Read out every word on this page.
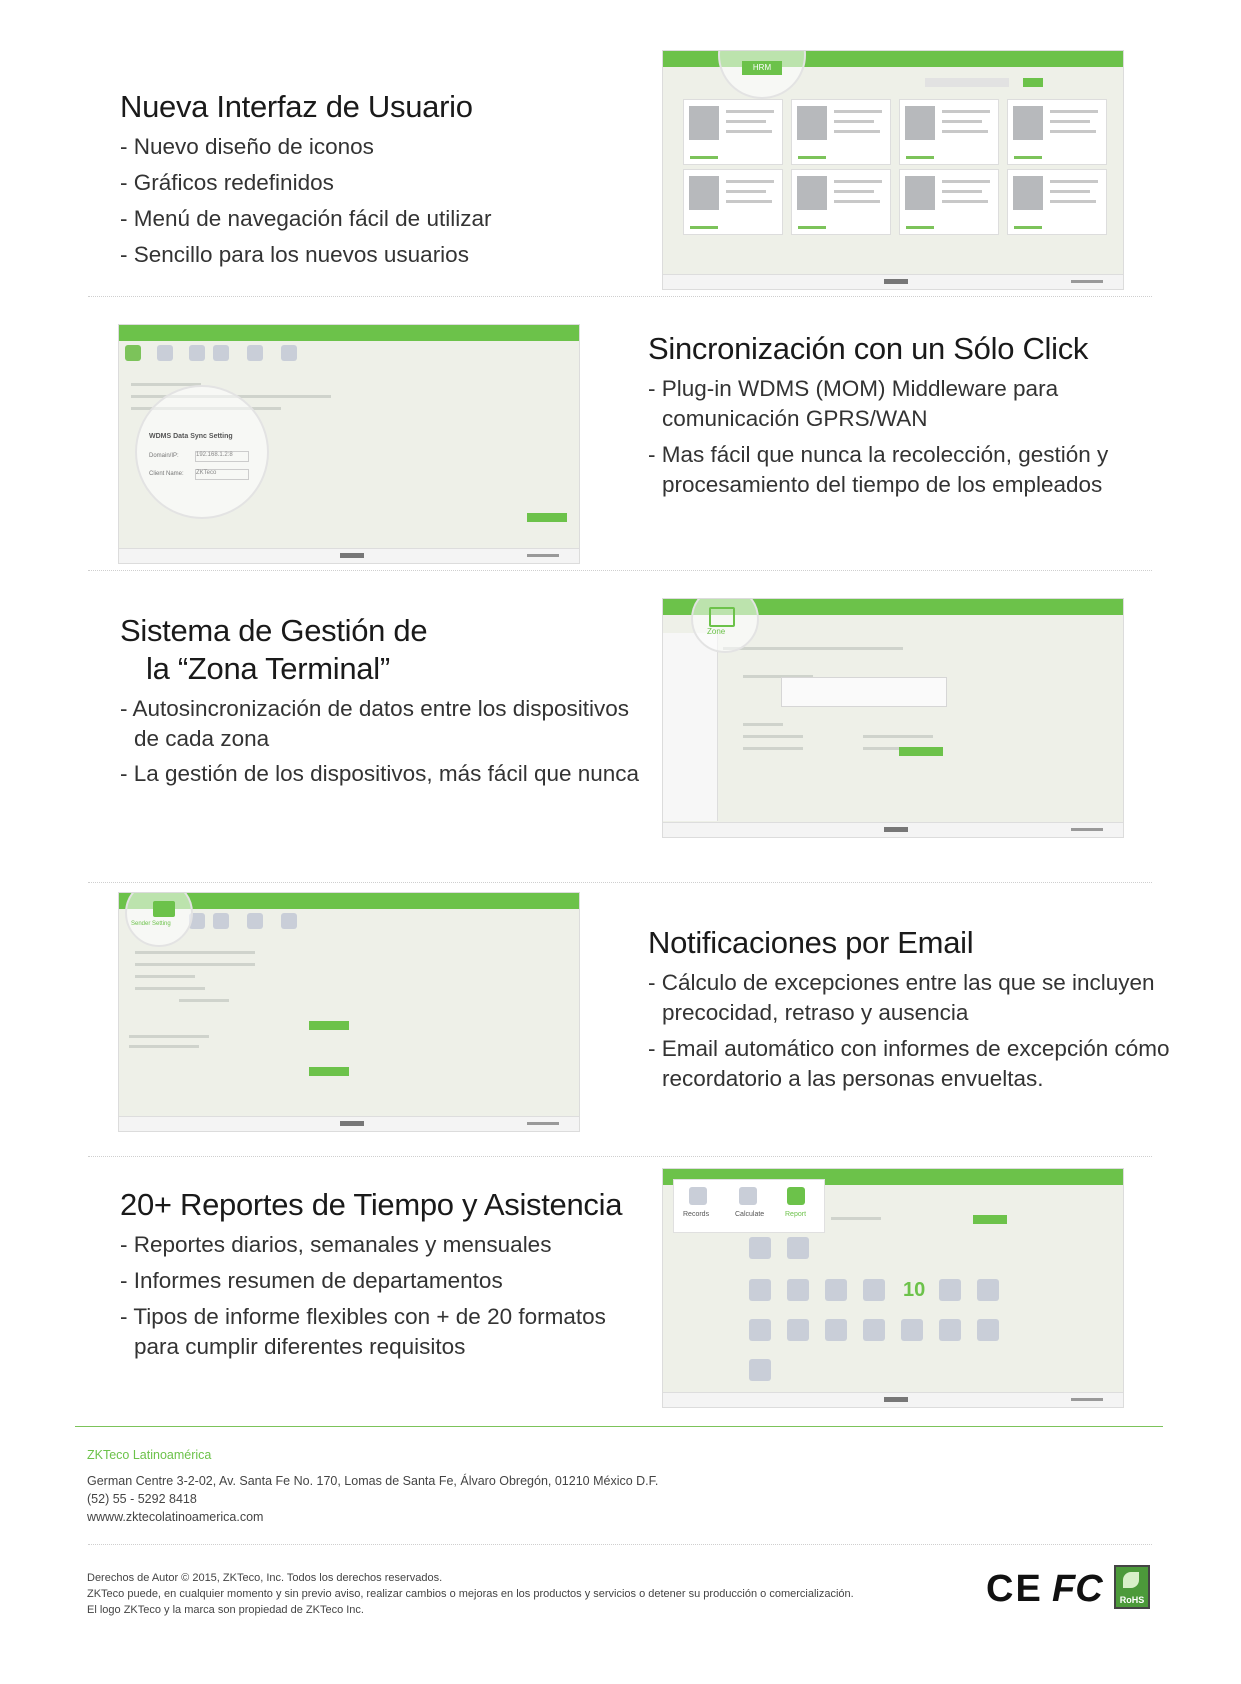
Nueva Interfaz de Usuario
- Nuevo diseño de iconos
- Gráficos redefinidos
- Menú de navegación fácil de utilizar
- Sencillo para los nuevos usuarios
HRM
WDMS Data Sync Setting
Domain/IP:	192.168.1.2:8
Client Name: ZKTeco
Sincronización con un Sólo Click
- Plug-in WDMS (MOM) Middleware para comunicación GPRS/WAN
- Mas fácil que nunca la recolección, gestión y procesamiento del tiempo de los empleados
Sistema de Gestión de
la “Zona Terminal”
- Autosincronización de datos entre los dispositivos de cada zona
- La gestión de los dispositivos, más fácil que nunca
Zone
Sender Setting
Notificaciones por Email
- Cálculo de excepciones entre las que se incluyen precocidad, retraso y ausencia
- Email automático con informes de excepción cómo recordatorio a las personas envueltas.
20+ Reportes de Tiempo y Asistencia
- Reportes diarios, semanales y mensuales
- Informes resumen de departamentos
- Tipos de informe flexibles con + de 20 formatos para cumplir diferentes requisitos
Records	Calculate	Report
10
ZKTeco Latinoamérica
German Centre 3-2-02, Av. Santa Fe No. 170, Lomas de Santa Fe, Álvaro Obregón, 01210 México D.F.
(52) 55 - 5292 8418
wwww.zktecolatinoamerica.com
Derechos de Autor © 2015, ZKTeco, Inc. Todos los derechos reservados.
ZKTeco puede, en cualquier momento y sin previo aviso, realizar cambios o mejoras en los productos y servicios o detener su producción o comercialización.
El logo ZKTeco y la marca son propiedad de ZKTeco Inc.	CE FC	RoHS
